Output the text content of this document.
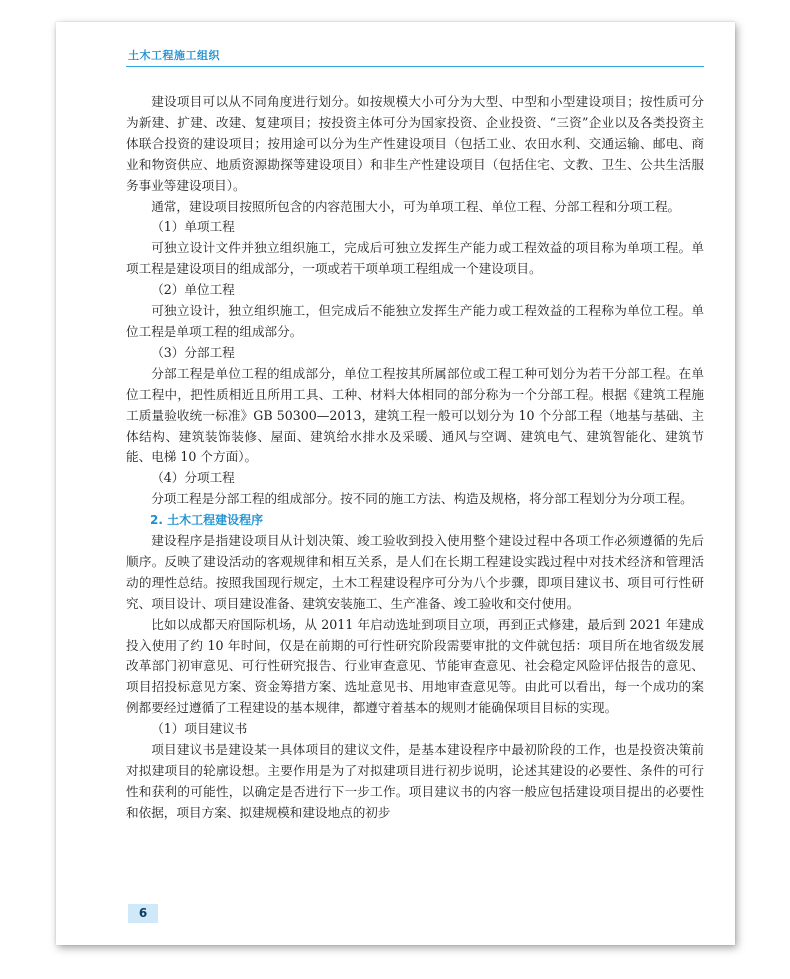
土木工程施工组织

建设项目可以从不同角度进行划分。如按规模大小可分为大型、中型和小型建设项目；按性质可分为新建、扩建、改建、复建项目；按投资主体可分为国家投资、企业投资、“三资”企业以及各类投资主体联合投资的建设项目；按用途可以分为生产性建设项目（包括工业、农田水利、交通运输、邮电、商业和物资供应、地质资源勘探等建设项目）和非生产性建设项目（包括住宅、文教、卫生、公共生活服务事业等建设项目）。

通常，建设项目按照所包含的内容范围大小，可为单项工程、单位工程、分部工程和分项工程。

（1）单项工程

可独立设计文件并独立组织施工，完成后可独立发挥生产能力或工程效益的项目称为单项工程。单项工程是建设项目的组成部分，一项或若干项单项工程组成一个建设项目。

（2）单位工程

可独立设计，独立组织施工，但完成后不能独立发挥生产能力或工程效益的工程称为单位工程。单位工程是单项工程的组成部分。

（3）分部工程

分部工程是单位工程的组成部分，单位工程按其所属部位或工程工种可划分为若干分部工程。在单位工程中，把性质相近且所用工具、工种、材料大体相同的部分称为一个分部工程。根据《建筑工程施工质量验收统一标准》GB 50300—2013，建筑工程一般可以划分为 10 个分部工程（地基与基础、主体结构、建筑装饰装修、屋面、建筑给水排水及采暖、通风与空调、建筑电气、建筑智能化、建筑节能、电梯 10 个方面）。

（4）分项工程

分项工程是分部工程的组成部分。按不同的施工方法、构造及规格，将分部工程划分为分项工程。

2. 土木工程建设程序

建设程序是指建设项目从计划决策、竣工验收到投入使用整个建设过程中各项工作必须遵循的先后顺序。反映了建设活动的客观规律和相互关系，是人们在长期工程建设实践过程中对技术经济和管理活动的理性总结。按照我国现行规定，土木工程建设程序可分为八个步骤，即项目建议书、项目可行性研究、项目设计、项目建设准备、建筑安装施工、生产准备、竣工验收和交付使用。

比如以成都天府国际机场，从 2011 年启动选址到项目立项，再到正式修建，最后到 2021 年建成投入使用了约 10 年时间，仅是在前期的可行性研究阶段需要审批的文件就包括：项目所在地省级发展改革部门初审意见、可行性研究报告、行业审查意见、节能审查意见、社会稳定风险评估报告的意见、项目招投标意见方案、资金筹措方案、选址意见书、用地审查意见等。由此可以看出，每一个成功的案例都要经过遵循了工程建设的基本规律，都遵守着基本的规则才能确保项目目标的实现。

（1）项目建议书

项目建议书是建设某一具体项目的建议文件，是基本建设程序中最初阶段的工作，也是投资决策前对拟建项目的轮廓设想。主要作用是为了对拟建项目进行初步说明，论述其建设的必要性、条件的可行性和获利的可能性，以确定是否进行下一步工作。项目建议书的内容一般应包括建设项目提出的必要性和依据，项目方案、拟建规模和建设地点的初步

6
